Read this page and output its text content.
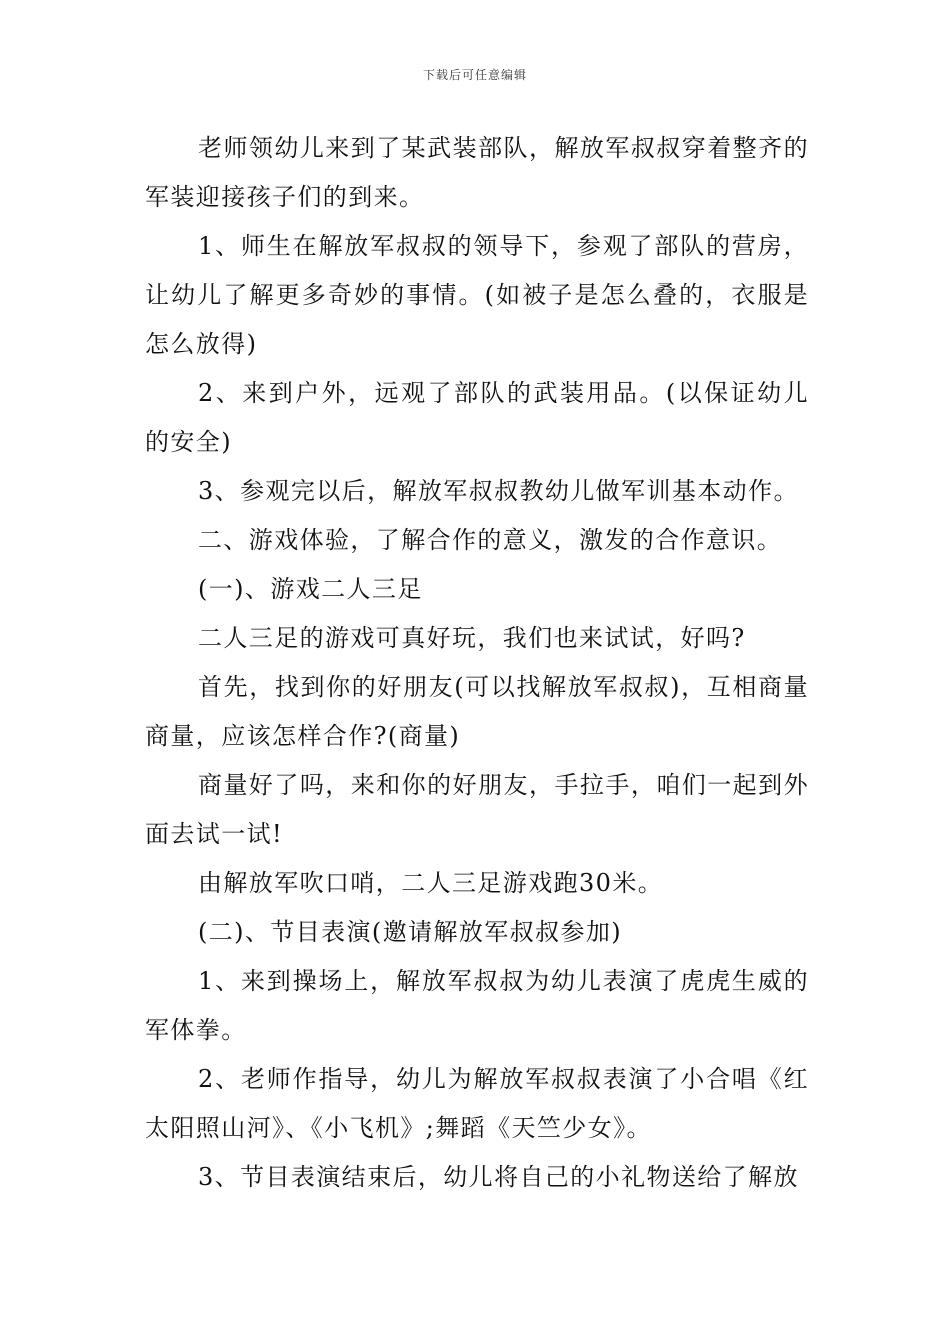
下载后可任意编辑

老师领幼儿来到了某武装部队，解放军叔叔穿着整齐的军装迎接孩子们的到来。

1、师生在解放军叔叔的领导下，参观了部队的营房，让幼儿了解更多奇妙的事情。(如被子是怎么叠的，衣服是怎么放得)

2、来到户外，远观了部队的武装用品。(以保证幼儿的安全)

3、参观完以后，解放军叔叔教幼儿做军训基本动作。

二、游戏体验，了解合作的意义，激发的合作意识。

(一)、游戏二人三足

二人三足的游戏可真好玩，我们也来试试，好吗?

首先，找到你的好朋友(可以找解放军叔叔)，互相商量商量，应该怎样合作?(商量)

商量好了吗，来和你的好朋友，手拉手，咱们一起到外面去试一试!

由解放军吹口哨，二人三足游戏跑30米。

(二)、节目表演(邀请解放军叔叔参加)

1、来到操场上，解放军叔叔为幼儿表演了虎虎生威的军体拳。

2、老师作指导，幼儿为解放军叔叔表演了小合唱《红太阳照山河》、《小飞机》;舞蹈《天竺少女》。

3、节目表演结束后，幼儿将自己的小礼物送给了解放
